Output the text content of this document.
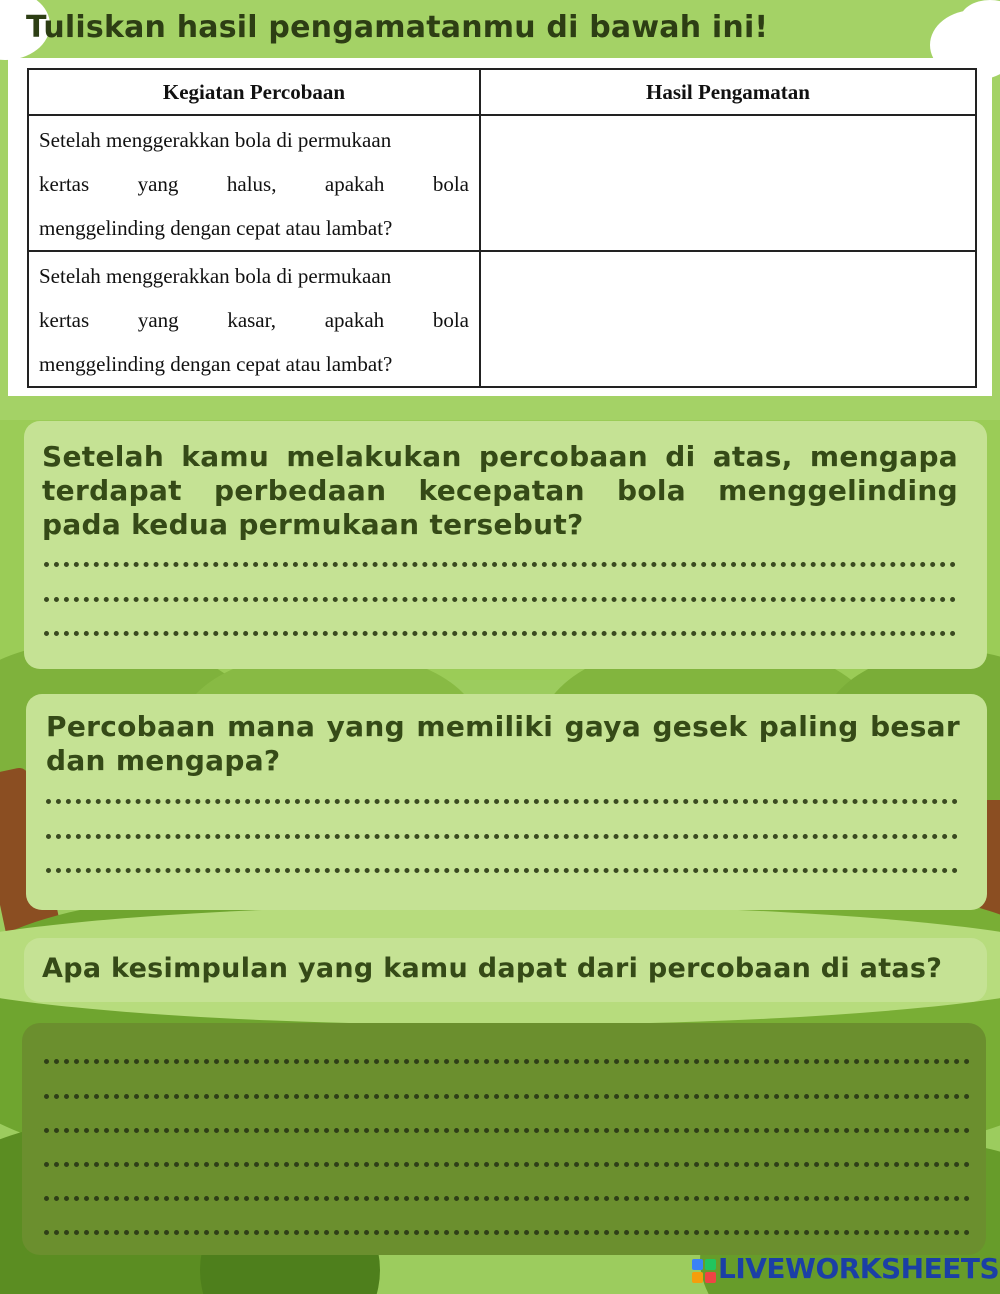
Tuliskan hasil pengamatanmu di bawah ini!
Kegiatan Percobaan	Hasil Pengamatan

Setelah menggerakkan bola di permukaan
kertas yang halus, apakah bola
menggelinding dengan cepat atau lambat?	

Setelah menggerakkan bola di permukaan
kertas yang kasar, apakah bola
menggelinding dengan cepat atau lambat?	

Setelah kamu melakukan percobaan di atas, mengapa terdapat perbedaan kecepatan bola menggelinding pada kedua permukaan tersebut?
Percobaan mana yang memiliki gaya gesek paling besar dan mengapa?
Apa kesimpulan yang kamu dapat dari percobaan di atas?
LIVEWORKSHEETS
